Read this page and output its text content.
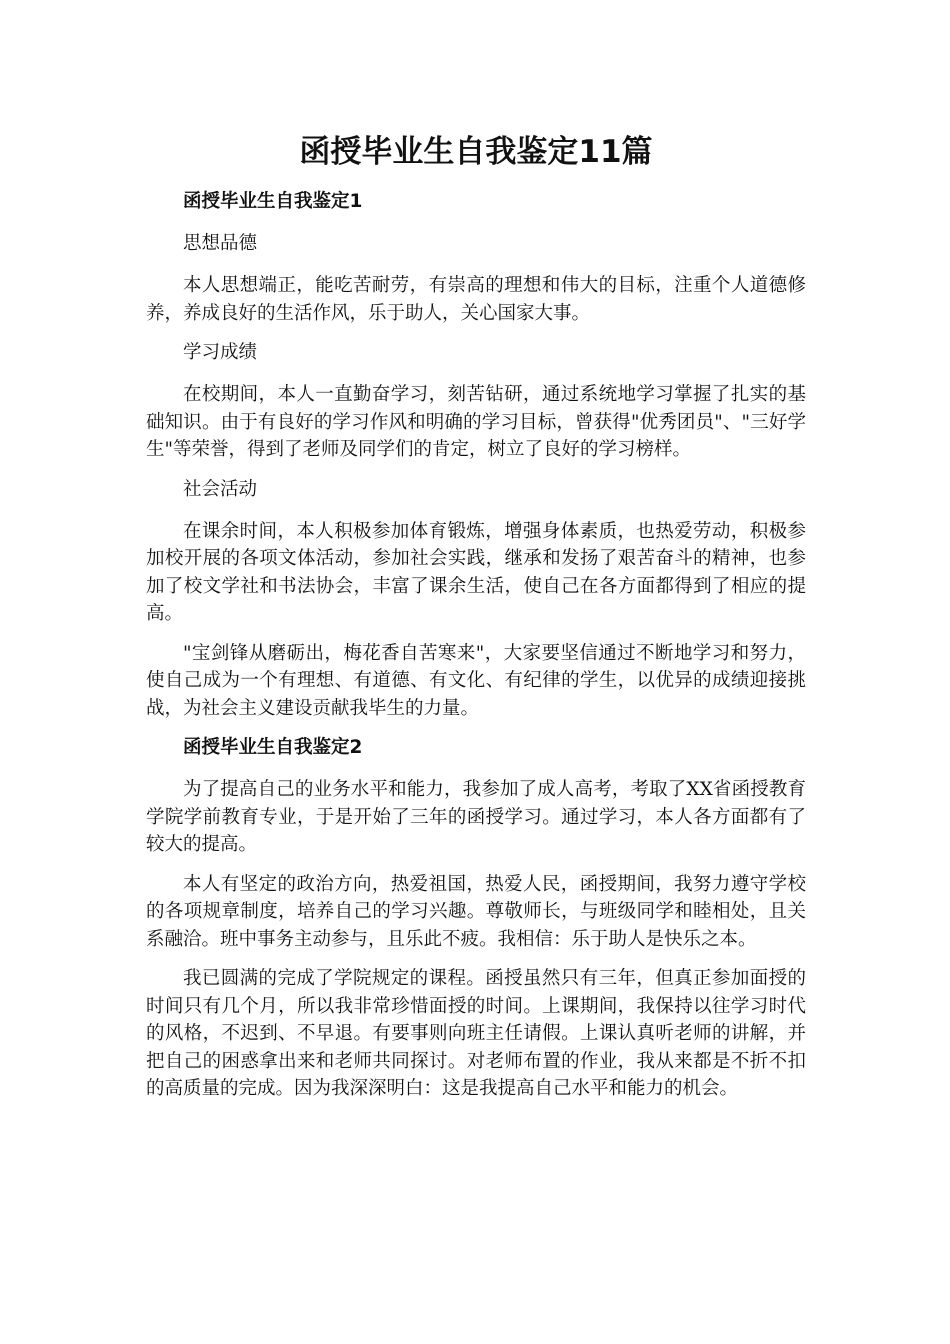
函授毕业生自我鉴定11篇
函授毕业生自我鉴定1
思想品德
本人思想端正，能吃苦耐劳，有崇高的理想和伟大的目标，注重个人道德修养，养成良好的生活作风，乐于助人，关心国家大事。
学习成绩
在校期间，本人一直勤奋学习，刻苦钻研，通过系统地学习掌握了扎实的基础知识。由于有良好的学习作风和明确的学习目标，曾获得"优秀团员"、"三好学生"等荣誉，得到了老师及同学们的肯定，树立了良好的学习榜样。
社会活动
在课余时间，本人积极参加体育锻炼，增强身体素质，也热爱劳动，积极参加校开展的各项文体活动，参加社会实践，继承和发扬了艰苦奋斗的精神，也参加了校文学社和书法协会，丰富了课余生活，使自己在各方面都得到了相应的提高。
"宝剑锋从磨砺出，梅花香自苦寒来"，大家要坚信通过不断地学习和努力，使自己成为一个有理想、有道德、有文化、有纪律的学生，以优异的成绩迎接挑战，为社会主义建设贡献我毕生的力量。
函授毕业生自我鉴定2
为了提高自己的业务水平和能力，我参加了成人高考，考取了XX省函授教育学院学前教育专业，于是开始了三年的函授学习。通过学习，本人各方面都有了较大的提高。
本人有坚定的政治方向，热爱祖国，热爱人民，函授期间，我努力遵守学校的各项规章制度，培养自己的学习兴趣。尊敬师长，与班级同学和睦相处，且关系融洽。班中事务主动参与，且乐此不疲。我相信：乐于助人是快乐之本。
我已圆满的完成了学院规定的课程。函授虽然只有三年，但真正参加面授的时间只有几个月，所以我非常珍惜面授的时间。上课期间，我保持以往学习时代的风格，不迟到、不早退。有要事则向班主任请假。上课认真听老师的讲解，并把自己的困惑拿出来和老师共同探讨。对老师布置的作业，我从来都是不折不扣的高质量的完成。因为我深深明白：这是我提高自己水平和能力的机会。
